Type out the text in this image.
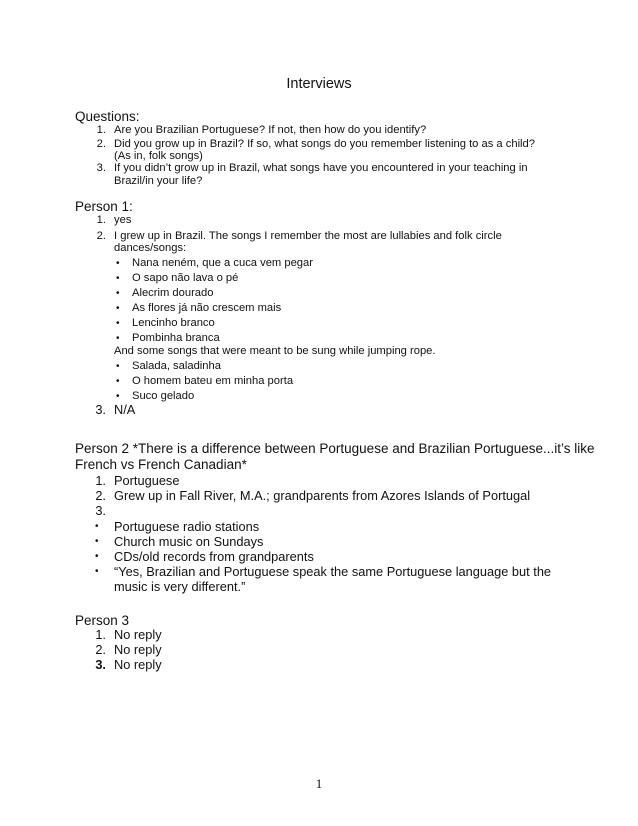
Interviews
Questions:
1. Are you Brazilian Portuguese? If not, then how do you identify?
2. Did you grow up in Brazil? If so, what songs do you remember listening to as a child?
(As in, folk songs)
3. If you didn’t grow up in Brazil, what songs have you encountered in your teaching in
Brazil/in your life?
Person 1:
1. yes
2. I grew up in Brazil. The songs I remember the most are lullabies and folk circle
dances/songs:
• Nana neném, que a cuca vem pegar
• O sapo não lava o pé
• Alecrim dourado
• As flores já não crescem mais
• Lencinho branco
• Pombinha branca
And some songs that were meant to be sung while jumping rope.
• Salada, saladinha
• O homem bateu em minha porta
• Suco gelado
3. N/A
Person 2 *There is a difference between Portuguese and Brazilian Portuguese...it’s like
French vs French Canadian*
1. Portuguese
2. Grew up in Fall River, M.A.; grandparents from Azores Islands of Portugal
3.
• Portuguese radio stations
• Church music on Sundays
• CDs/old records from grandparents
• “Yes, Brazilian and Portuguese speak the same Portuguese language but the
music is very different.”
Person 3
1. No reply
2. No reply
3. No reply
1
